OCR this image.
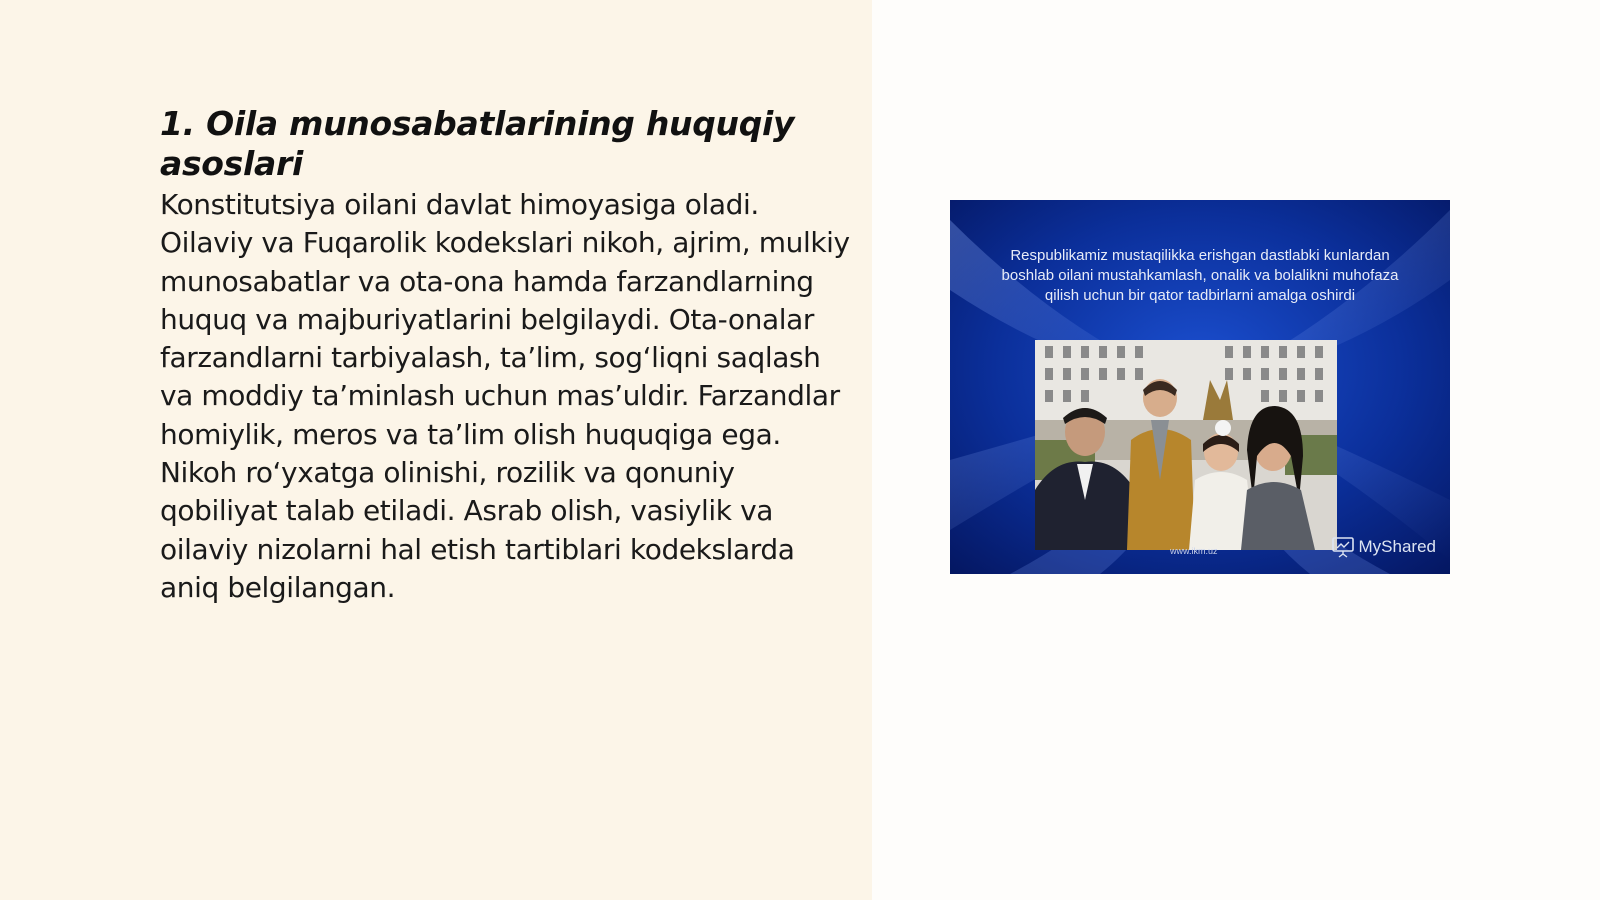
1. Oila munosabatlarining huquqiy asoslari

Konstitutsiya oilani davlat himoyasiga oladi. Oilaviy va Fuqarolik kodekslari nikoh, ajrim, mulkiy munosabatlar va ota-ona hamda farzandlarning huquq va majburiyatlarini belgilaydi. Ota-onalar farzandlarni tarbiyalash, ta’lim, sog‘liqni saqlash va moddiy ta’minlash uchun mas’uldir. Farzandlar homiylik, meros va ta’lim olish huquqiga ega. Nikoh ro‘yxatga olinishi, rozilik va qonuniy qobiliyat talab etiladi. Asrab olish, vasiylik va oilaviy nizolarni hal etish tartiblari kodekslarda aniq belgilangan.

Respublikamiz mustaqilikka erishgan dastlabki kunlardan boshlab oilani mustahkamlash, onalik va bolalikni muhofaza qilish uchun bir qator tadbirlarni amalga oshirdi
www.ikm.uz	MyShared
